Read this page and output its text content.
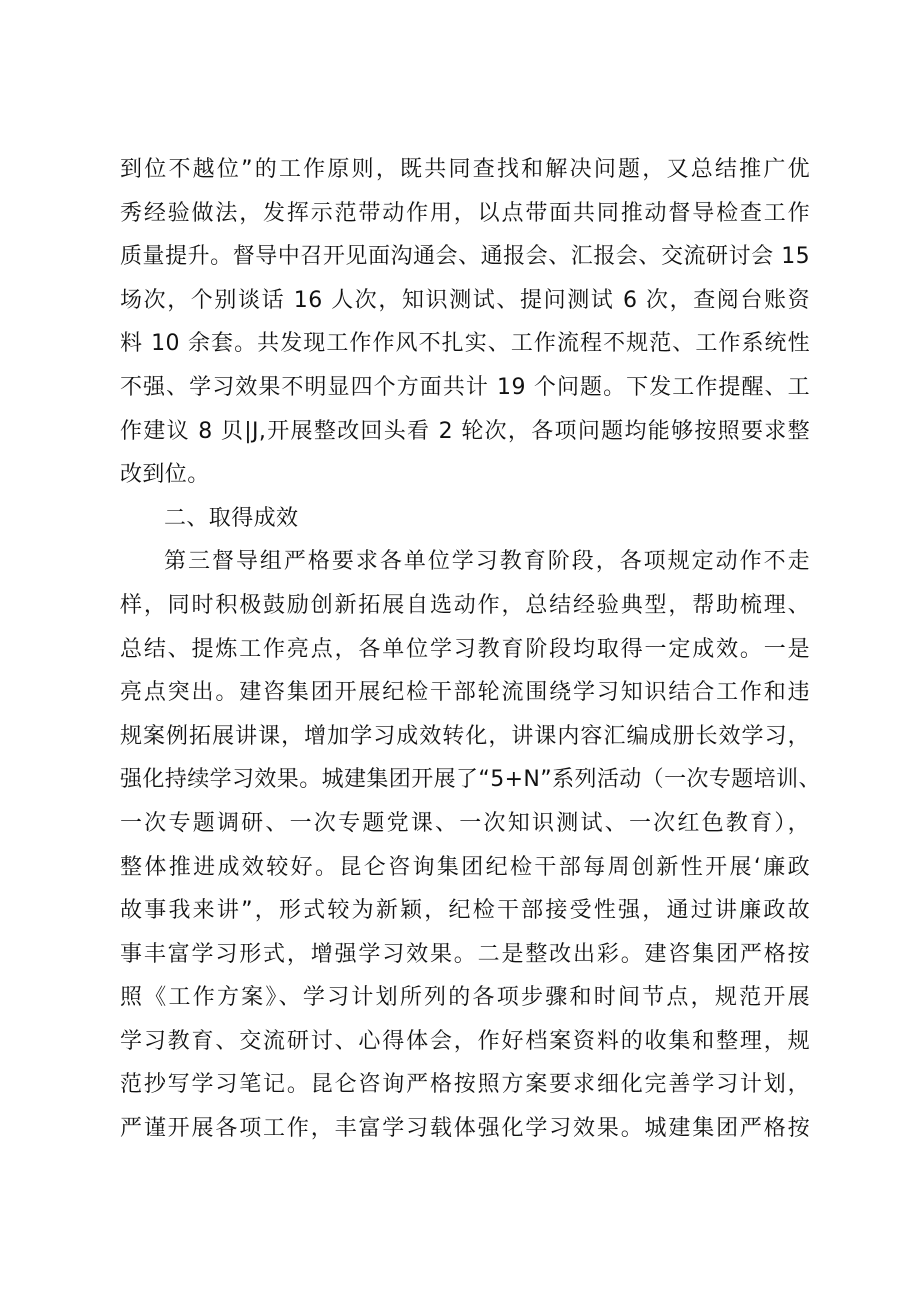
到位不越位”的工作原则，既共同查找和解决问题，又总结推广优
秀经验做法，发挥示范带动作用，以点带面共同推动督导检查工作
质量提升。督导中召开见面沟通会、通报会、汇报会、交流研讨会 15
场次，个别谈话 16 人次，知识测试、提问测试 6 次，查阅台账资
料 10 余套。共发现工作作风不扎实、工作流程不规范、工作系统性
不强、学习效果不明显四个方面共计 19 个问题。下发工作提醒、工
作建议 8 贝|J,开展整改回头看 2 轮次，各项问题均能够按照要求整
改到位。
二、取得成效
第三督导组严格要求各单位学习教育阶段，各项规定动作不走
样，同时积极鼓励创新拓展自选动作，总结经验典型，帮助梳理、
总结、提炼工作亮点，各单位学习教育阶段均取得一定成效。一是
亮点突出。建咨集团开展纪检干部轮流围绕学习知识结合工作和违
规案例拓展讲课，增加学习成效转化，讲课内容汇编成册长效学习，
强化持续学习效果。城建集团开展了“5+N”系列活动（一次专题培训、
一次专题调研、一次专题党课、一次知识测试、一次红色教育），
整体推进成效较好。昆仑咨询集团纪检干部每周创新性开展‘廉政
故事我来讲”，形式较为新颖，纪检干部接受性强，通过讲廉政故
事丰富学习形式，增强学习效果。二是整改出彩。建咨集团严格按
照《工作方案》、学习计划所列的各项步骤和时间节点，规范开展
学习教育、交流研讨、心得体会，作好档案资料的收集和整理，规
范抄写学习笔记。昆仑咨询严格按照方案要求细化完善学习计划，
严谨开展各项工作，丰富学习载体强化学习效果。城建集团严格按
